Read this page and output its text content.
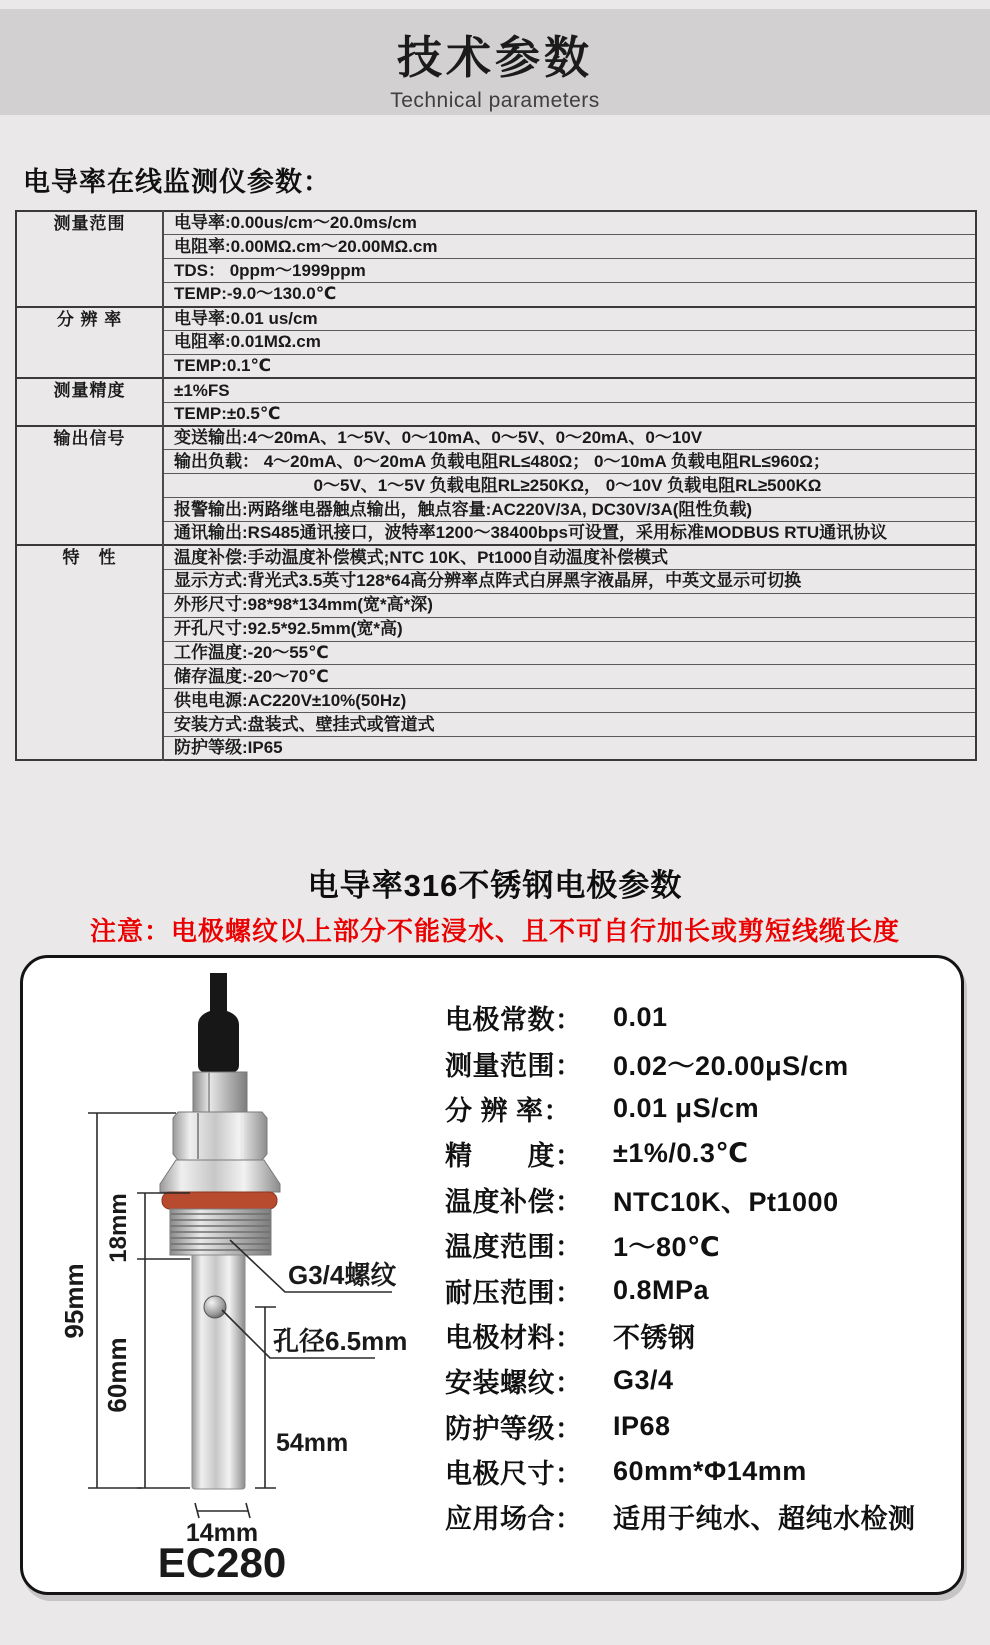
技术参数
Technical parameters
电导率在线监测仪参数：
测量范围	电导率:0.00us/cm～20.0ms/cm
	电阻率:0.00MΩ.cm～20.00MΩ.cm
	TDS： 0ppm～1999ppm
	TEMP:-9.0～130.0℃
分 辨 率	电导率:0.01 us/cm
	电阻率:0.01MΩ.cm
	TEMP:0.1℃
测量精度	±1%FS
	TEMP:±0.5℃
输出信号	变送输出:4～20mA、1～5V、0～10mA、0～5V、0～20mA、0～10V
	输出负载： 4～20mA、0～20mA 负载电阻RL≤480Ω； 0～10mA 负载电阻RL≤960Ω；
	0～5V、1～5V 负载电阻RL≥250KΩ， 0～10V 负载电阻RL≥500KΩ
	报警输出:两路继电器触点输出，触点容量:AC220V/3A, DC30V/3A(阻性负载)
	通讯输出:RS485通讯接口，波特率1200～38400bps可设置，采用标准MODBUS RTU通讯协议
特　性	温度补偿:手动温度补偿模式;NTC 10K、Pt1000自动温度补偿模式
	显示方式:背光式3.5英寸128*64高分辨率点阵式白屏黑字液晶屏，中英文显示可切换
	外形尺寸:98*98*134mm(宽*高*深)
	开孔尺寸:92.5*92.5mm(宽*高)
	工作温度:-20～55℃
	储存温度:-20～70℃
	供电电源:AC220V±10%(50Hz)
	安装方式:盘装式、壁挂式或管道式
	防护等级:IP65
电导率316不锈钢电极参数
注意：电极螺纹以上部分不能浸水、且不可自行加长或剪短线缆长度
95mm
18mm
60mm
54mm
14mm
G3/4螺纹
孔径6.5mm
EC280
电极常数：	0.01
测量范围：	0.02～20.00μS/cm
分 辨 率：	0.01 μS/cm
精　　度：	±1%/0.3℃
温度补偿：	NTC10K、Pt1000
温度范围：	1～80℃
耐压范围：	0.8MPa
电极材料：	不锈钢
安装螺纹：	G3/4
防护等级：	IP68
电极尺寸：	60mm*Φ14mm
应用场合：	适用于纯水、超纯水检测
